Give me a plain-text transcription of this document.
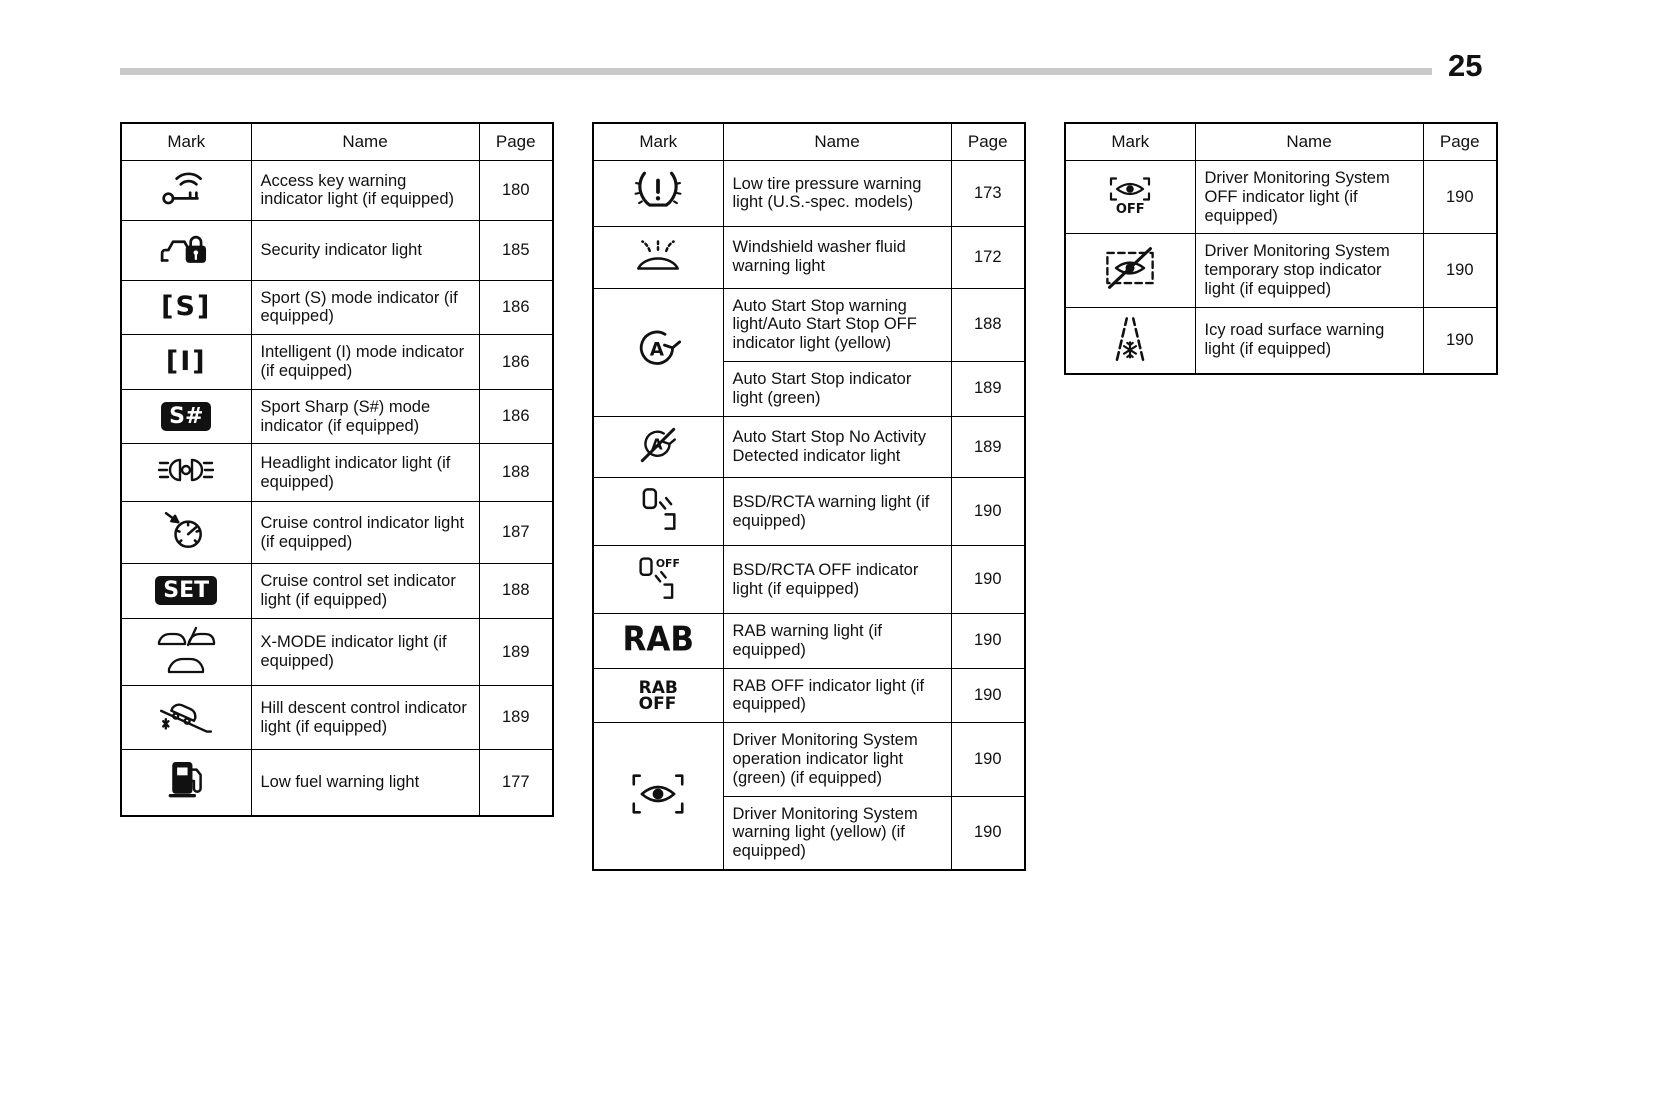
25
Mark	Name	Page

	Access key warning indicator light (if equipped)	180

	Security indicator light	185

[S]	Sport (S) mode indicator (if equipped)	186

[I]	Intelligent (I) mode indicator (if equipped)	186

S#	Sport Sharp (S#) mode indicator (if equipped)	186

	Headlight indicator light (if equipped)	188

	Cruise control indicator light (if equipped)	187

SET	Cruise control set indicator light (if equipped)	188

	X-MODE indicator light (if equipped)	189

	Hill descent control indicator light (if equipped)	189

	Low fuel warning light	177
Mark	Name	Page

	Low tire pressure warning light (U.S.-spec. models)	173

	Windshield washer fluid warning light	172

A	Auto Start Stop warning light/Auto Start Stop OFF indicator light (yellow)	188
	Auto Start Stop indicator light (green)	189

A	Auto Start Stop No Activity Detected indicator light	189

	BSD/RCTA warning light (if equipped)	190

OFF	BSD/RCTA OFF indicator light (if equipped)	190

RAB	RAB warning light (if equipped)	190

RAB
OFF	RAB OFF indicator light (if equipped)	190

	Driver Monitoring System operation indicator light (green) (if equipped)	190
	Driver Monitoring System warning light (yellow) (if equipped)	190
Mark	Name	Page

OFF	Driver Monitoring System OFF indicator light (if equipped)	190

	Driver Monitoring System temporary stop indicator light (if equipped)	190

	Icy road surface warning light (if equipped)	190
